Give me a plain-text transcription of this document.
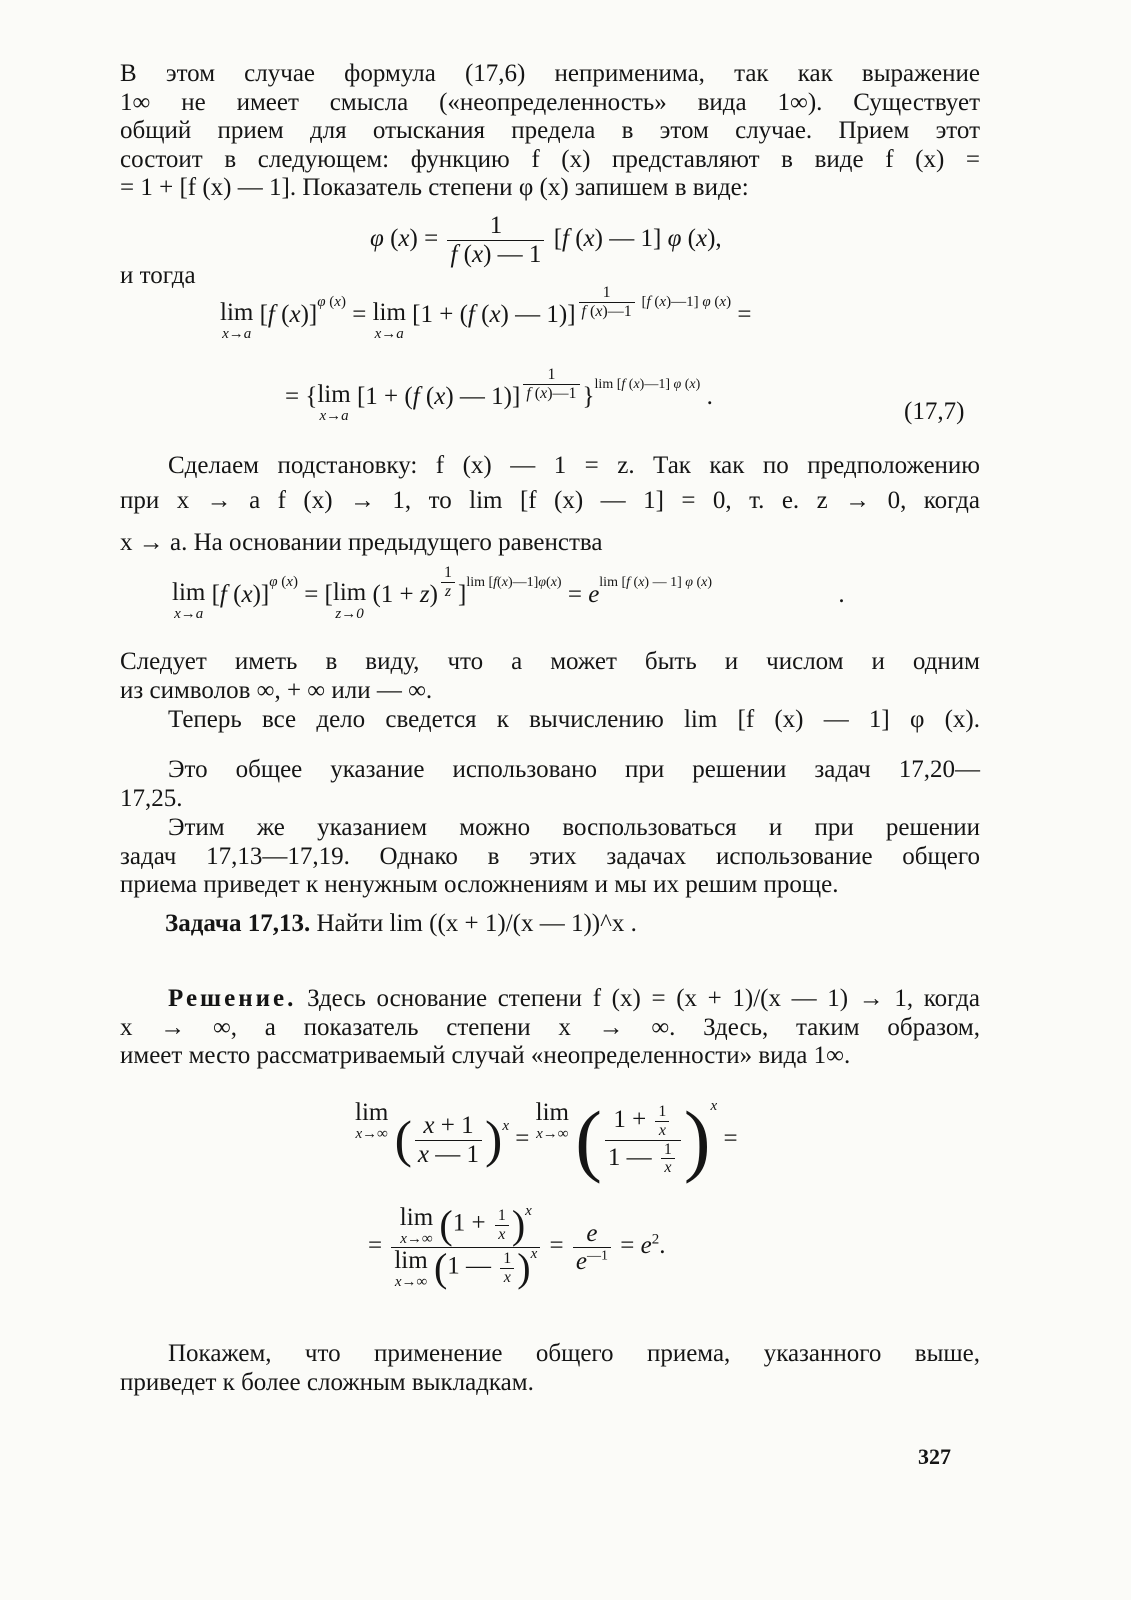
В этом случае формула (17,6) неприменима, так как выражение
1∞ не имеет смысла («неопределенность» вида 1∞). Существует
общий прием для отыскания предела в этом случае. Прием этот
состоит в следующем: функцию f (x) представляют в виде f (x) =
= 1 + [f (x) — 1]. Показатель степени φ (x) запишем в виде:
φ $(x) = \frac{1}{f (x) — 1} [f$ (x) — 1] φ (x),
и тогда
lim
x→a
[f (x)]$^{\varphi (x)}$ = lim
x→a
[1 + (f (x) — 1)] $^{\frac{1}{f (x)—1} [f (x)—1] \varphi (x)}$ =
= { lim
x→a
[1 + (f (x) — 1)] $^{\frac{1}{f (x)—1}}$ }$^{lim [f (x)—1] \varphi (x)}$ .
(17,7)
Сделаем подстановку: f (x) — 1 = z. Так как по предположению
при x → a f (x) → 1, то lim [f (x) — 1] = 0, т. е. z → 0, когда
x → a. На основании предыдущего равенства
lim
x→a
[f (x)]$^{\varphi (x)}$ = [ lim
z→0
(1 + z) $^{\frac{1}{z}}$ ]$^{lim [f(x)—1]\varphi(x)} = e^{lim [f (x) — 1] \varphi (x)}$	.
Следует иметь в виду, что a может быть и числом и одним
из символов ∞, + ∞ или — ∞.
Теперь все дело сведется к вычислению lim [f (x) — 1] φ (x).
Это общее указание использовано при решении задач 17,20—
17,25.
Этим же указанием можно воспользоваться и при решении
задач 17,13—17,19. Однако в этих задачах использование общего
приема приведет к ненужным осложнениям и мы их решим проще.
Задача 17,13. Найти lim ((x + 1)/(x — 1))^x .
Решение. Здесь основание степени f (x) = (x + 1)/(x — 1) → 1, когда
x → ∞, а показатель степени x → ∞. Здесь, таким образом,
имеет место рассматриваемый случай «неопределенности» вида 1∞.
lim
x→∞ ( $\frac{x + 1}{x — 1} )^x$ =
lim
x→∞ ( $\frac{1 + \frac{1}{x}}{1 — \frac{1}{x}} )^x$ =
= lim
x→∞ $(1 + \frac{1}{x} )^x$
lim
x→∞ (1 — $\frac{1}{x} )^x = \frac{e}{e^{—1}} = e^2$.
Покажем, что применение общего приема, указанного выше,
приведет к более сложным выкладкам.
327
